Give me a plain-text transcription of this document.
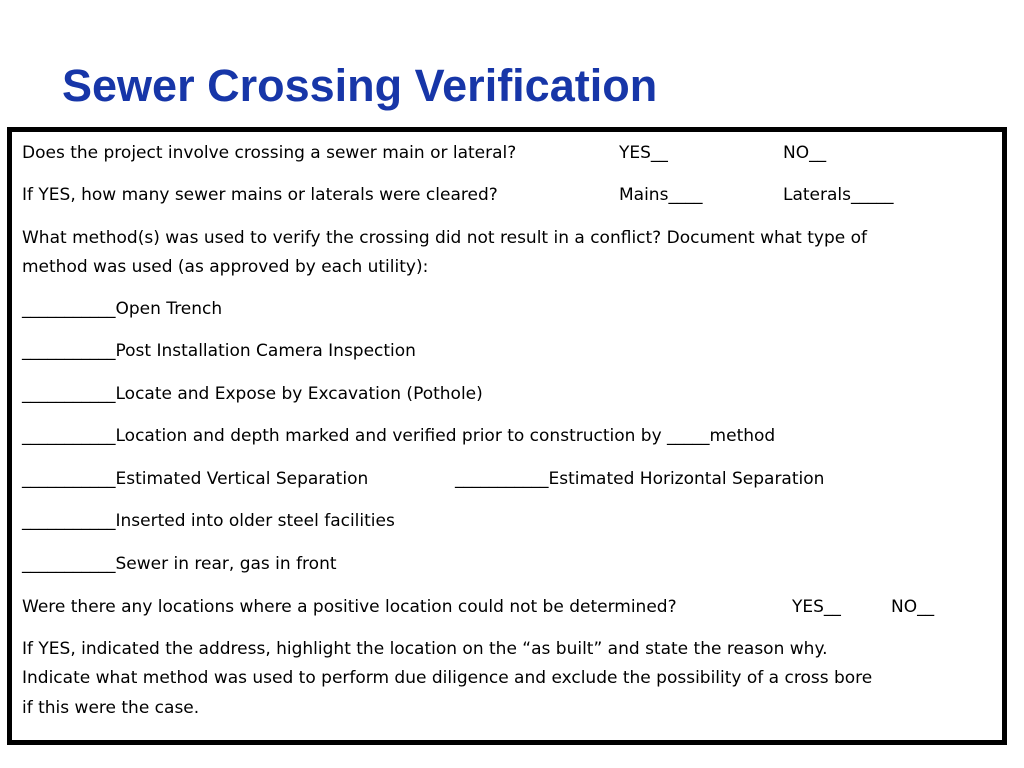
Sewer Crossing Verification
Does the project involve crossing a sewer main or lateral?	YES__	NO__
If YES, how many sewer mains or laterals were cleared?	Mains____	Laterals_____
What method(s) was used to verify the crossing did not result in a conflict? Document what type of
method was used (as approved by each utility):
___________Open Trench
___________Post Installation Camera Inspection
___________Locate and Expose by Excavation (Pothole)
___________Location and depth marked and verified prior to construction by _____method
___________Estimated Vertical Separation	___________Estimated Horizontal Separation
___________Inserted into older steel facilities
___________Sewer in rear, gas in front
Were there any locations where a positive location could not be determined?	YES__	NO__
If YES, indicated the address, highlight the location on the “as built” and state the reason why.
Indicate what method was used to perform due diligence and exclude the possibility of a cross bore
if this were the case.
